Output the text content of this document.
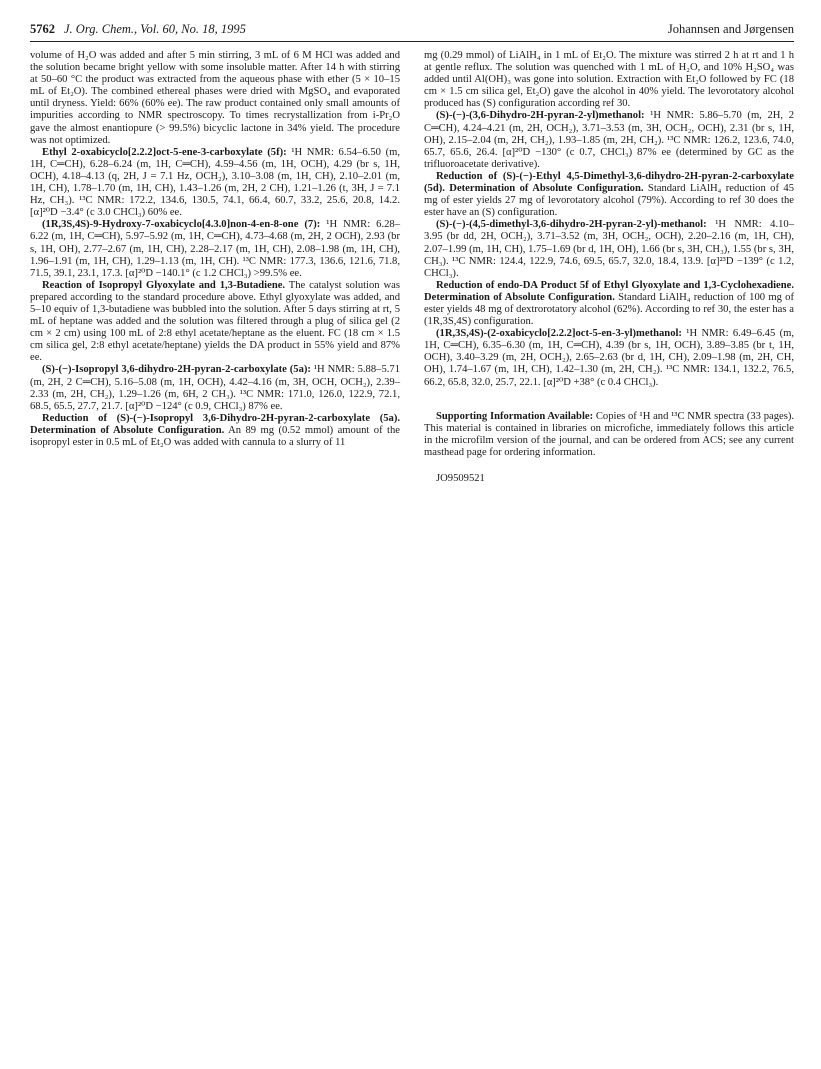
5762 J. Org. Chem., Vol. 60, No. 18, 1995	Johannsen and Jørgensen

volume of H₂O was added and after 5 min stirring, 3 mL of 6 M HCl was added and the solution became bright yellow with some insoluble matter. After 14 h with stirring at 50–60 °C the product was extracted from the aqueous phase with ether (5 × 10–15 mL of Et₂O). The combined ethereal phases were dried with MgSO₄ and evaporated until dryness. Yield: 66% (60% ee). The raw product contained only small amounts of impurities according to NMR spectroscopy. To times recrystallization from i-Pr₂O gave the almost enantiopure (> 99.5%) bicyclic lactone in 34% yield. The procedure was not optimized.

Ethyl 2-oxabicyclo[2.2.2]oct-5-ene-3-carboxylate (5f): ¹H NMR: 6.54–6.50 (m, 1H, C═CH), 6.28–6.24 (m, 1H, C═CH), 4.59–4.56 (m, 1H, OCH), 4.29 (br s, 1H, OCH), 4.18–4.13 (q, 2H, J = 7.1 Hz, OCH₂), 3.10–3.08 (m, 1H, CH), 2.10–2.01 (m, 1H, CH), 1.78–1.70 (m, 1H, CH), 1.43–1.26 (m, 2H, 2 CH), 1.21–1.26 (t, 3H, J = 7.1 Hz, CH₃). ¹³C NMR: 172.2, 134.6, 130.5, 74.1, 66.4, 60.7, 33.2, 25.6, 20.8, 14.2. [α]²⁰D −3.4° (c 3.0 CHCl₃) 60% ee.

(1R,3S,4S)-9-Hydroxy-7-oxabicyclo[4.3.0]non-4-en-8-one (7): ¹H NMR: 6.28–6.22 (m, 1H, C═CH), 5.97–5.92 (m, 1H, C═CH), 4.73–4.68 (m, 2H, 2 OCH), 2.93 (br s, 1H, OH), 2.77–2.67 (m, 1H, CH), 2.28–2.17 (m, 1H, CH), 2.08–1.98 (m, 1H, CH), 1.96–1.91 (m, 1H, CH), 1.29–1.13 (m, 1H, CH). ¹³C NMR: 177.3, 136.6, 121.6, 71.8, 71.5, 39.1, 23.1, 17.3. [α]²⁰D −140.1° (c 1.2 CHCl₃) >99.5% ee.

Reaction of Isopropyl Glyoxylate and 1,3-Butadiene. The catalyst solution was prepared according to the standard procedure above. Ethyl glyoxylate was added, and 5–10 equiv of 1,3-butadiene was bubbled into the solution. After 5 days stirring at rt, 5 mL of heptane was added and the solution was filtered through a plug of silica gel (2 cm × 2 cm) using 100 mL of 2:8 ethyl acetate/heptane as the eluent. FC (18 cm × 1.5 cm silica gel, 2:8 ethyl acetate/heptane) yields the DA product in 55% yield and 87% ee.

(S)-(−)-Isopropyl 3,6-dihydro-2H-pyran-2-carboxylate (5a): ¹H NMR: 5.88–5.71 (m, 2H, 2 C═CH), 5.16–5.08 (m, 1H, OCH), 4.42–4.16 (m, 3H, OCH, OCH₂), 2.39–2.33 (m, 2H, CH₂), 1.29–1.26 (m, 6H, 2 CH₃). ¹³C NMR: 171.0, 126.0, 122.9, 72.1, 68.5, 65.5, 27.7, 21.7. [α]²⁰D −124° (c 0.9, CHCl₃) 87% ee.

Reduction of (S)-(−)-Isopropyl 3,6-Dihydro-2H-pyran-2-carboxylate (5a). Determination of Absolute Configuration. An 89 mg (0.52 mmol) amount of the isopropyl ester in 0.5 mL of Et₂O was added with cannula to a slurry of 11

mg (0.29 mmol) of LiAlH₄ in 1 mL of Et₂O. The mixture was stirred 2 h at rt and 1 h at gentle reflux. The solution was quenched with 1 mL of H₂O, and 10% H₂SO₄ was added until Al(OH)₃ was gone into solution. Extraction with Et₂O followed by FC (18 cm × 1.5 cm silica gel, Et₂O) gave the alcohol in 40% yield. The levorotatory alcohol produced has (S) configuration according ref 30.

(S)-(−)-(3,6-Dihydro-2H-pyran-2-yl)methanol: ¹H NMR: 5.86–5.70 (m, 2H, 2 C═CH), 4.24–4.21 (m, 2H, OCH₂), 3.71–3.53 (m, 3H, OCH₂, OCH), 2.31 (br s, 1H, OH), 2.15–2.04 (m, 2H, CH₂), 1.93–1.85 (m, 2H, CH₂). ¹³C NMR: 126.2, 123.6, 74.0, 65.7, 65.6, 26.4. [α]²⁰D −130° (c 0.7, CHCl₃) 87% ee (determined by GC as the trifluoroacetate derivative).

Reduction of (S)-(−)-Ethyl 4,5-Dimethyl-3,6-dihydro-2H-pyran-2-carboxylate (5d). Determination of Absolute Configuration. Standard LiAlH₄ reduction of 45 mg of ester yields 27 mg of levorotatory alcohol (79%). According to ref 30 does the ester have an (S) configuration.

(S)-(−)-(4,5-dimethyl-3,6-dihydro-2H-pyran-2-yl)-methanol: ¹H NMR: 4.10–3.95 (br dd, 2H, OCH₂), 3.71–3.52 (m, 3H, OCH₂, OCH), 2.20–2.16 (m, 1H, CH), 2.07–1.99 (m, 1H, CH), 1.75–1.69 (br d, 1H, OH), 1.66 (br s, 3H, CH₃), 1.55 (br s, 3H, CH₃). ¹³C NMR: 124.4, 122.9, 74.6, 69.5, 65.7, 32.0, 18.4, 13.9. [α]²³D −139° (c 1.2, CHCl₃).

Reduction of endo-DA Product 5f of Ethyl Glyoxylate and 1,3-Cyclohexadiene. Determination of Absolute Configuration. Standard LiAlH₄ reduction of 100 mg of ester yields 48 mg of dextrorotatory alcohol (62%). According to ref 30, the ester has a (1R,3S,4S) configuration.

(1R,3S,4S)-(2-oxabicyclo[2.2.2]oct-5-en-3-yl)methanol: ¹H NMR: 6.49–6.45 (m, 1H, C═CH), 6.35–6.30 (m, 1H, C═CH), 4.39 (br s, 1H, OCH), 3.89–3.85 (br t, 1H, OCH), 3.40–3.29 (m, 2H, OCH₂), 2.65–2.63 (br d, 1H, CH), 2.09–1.98 (m, 2H, CH, OH), 1.74–1.67 (m, 1H, CH), 1.42–1.30 (m, 2H, CH₂). ¹³C NMR: 134.1, 132.2, 76.5, 66.2, 65.8, 32.0, 25.7, 22.1. [α]²⁰D +38° (c 0.4 CHCl₃).

Supporting Information Available: Copies of ¹H and ¹³C NMR spectra (33 pages). This material is contained in libraries on microfiche, immediately follows this article in the microfilm version of the journal, and can be ordered from ACS; see any current masthead page for ordering information.

JO9509521
